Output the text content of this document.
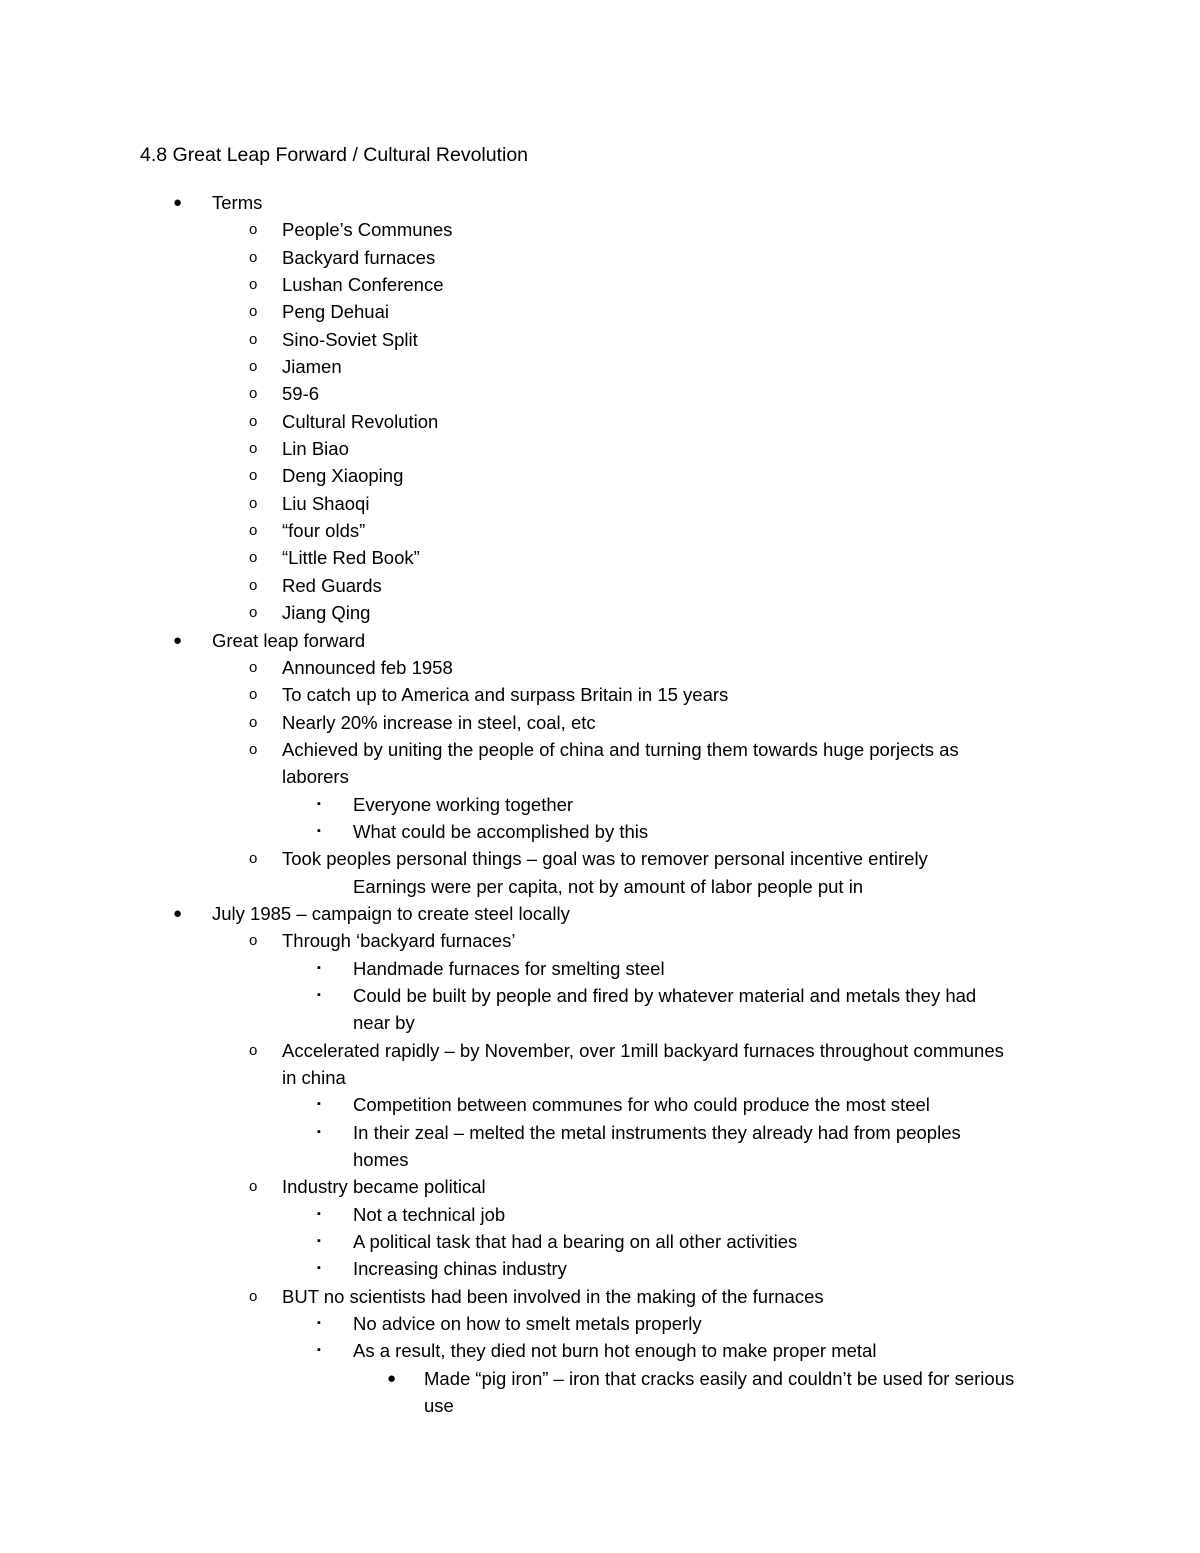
4.8 Great Leap Forward / Cultural Revolution
● Terms
o People’s Communes
o Backyard furnaces
o Lushan Conference
o Peng Dehuai
o Sino-Soviet Split
o Jiamen
o 59-6
o Cultural Revolution
o Lin Biao
o Deng Xiaoping
o Liu Shaoqi
o “four olds”
o “Little Red Book”
o Red Guards
o Jiang Qing
● Great leap forward
o Announced feb 1958
o To catch up to America and surpass Britain in 15 years
o Nearly 20% increase in steel, coal, etc
o Achieved by uniting the people of china and turning them towards huge porjects as
laborers
▪ Everyone working together
▪ What could be accomplished by this
o Took peoples personal things – goal was to remover personal incentive entirely
Earnings were per capita, not by amount of labor people put in
● July 1985 – campaign to create steel locally
o Through ‘backyard furnaces’
▪ Handmade furnaces for smelting steel
▪ Could be built by people and fired by whatever material and metals they had
near by
o Accelerated rapidly – by November, over 1mill backyard furnaces throughout communes
in china
▪ Competition between communes for who could produce the most steel
▪ In their zeal – melted the metal instruments they already had from peoples
homes
o Industry became political
▪ Not a technical job
▪ A political task that had a bearing on all other activities
▪ Increasing chinas industry
o BUT no scientists had been involved in the making of the furnaces
▪ No advice on how to smelt metals properly
▪ As a result, they died not burn hot enough to make proper metal
● Made “pig iron” – iron that cracks easily and couldn’t be used for serious
use
